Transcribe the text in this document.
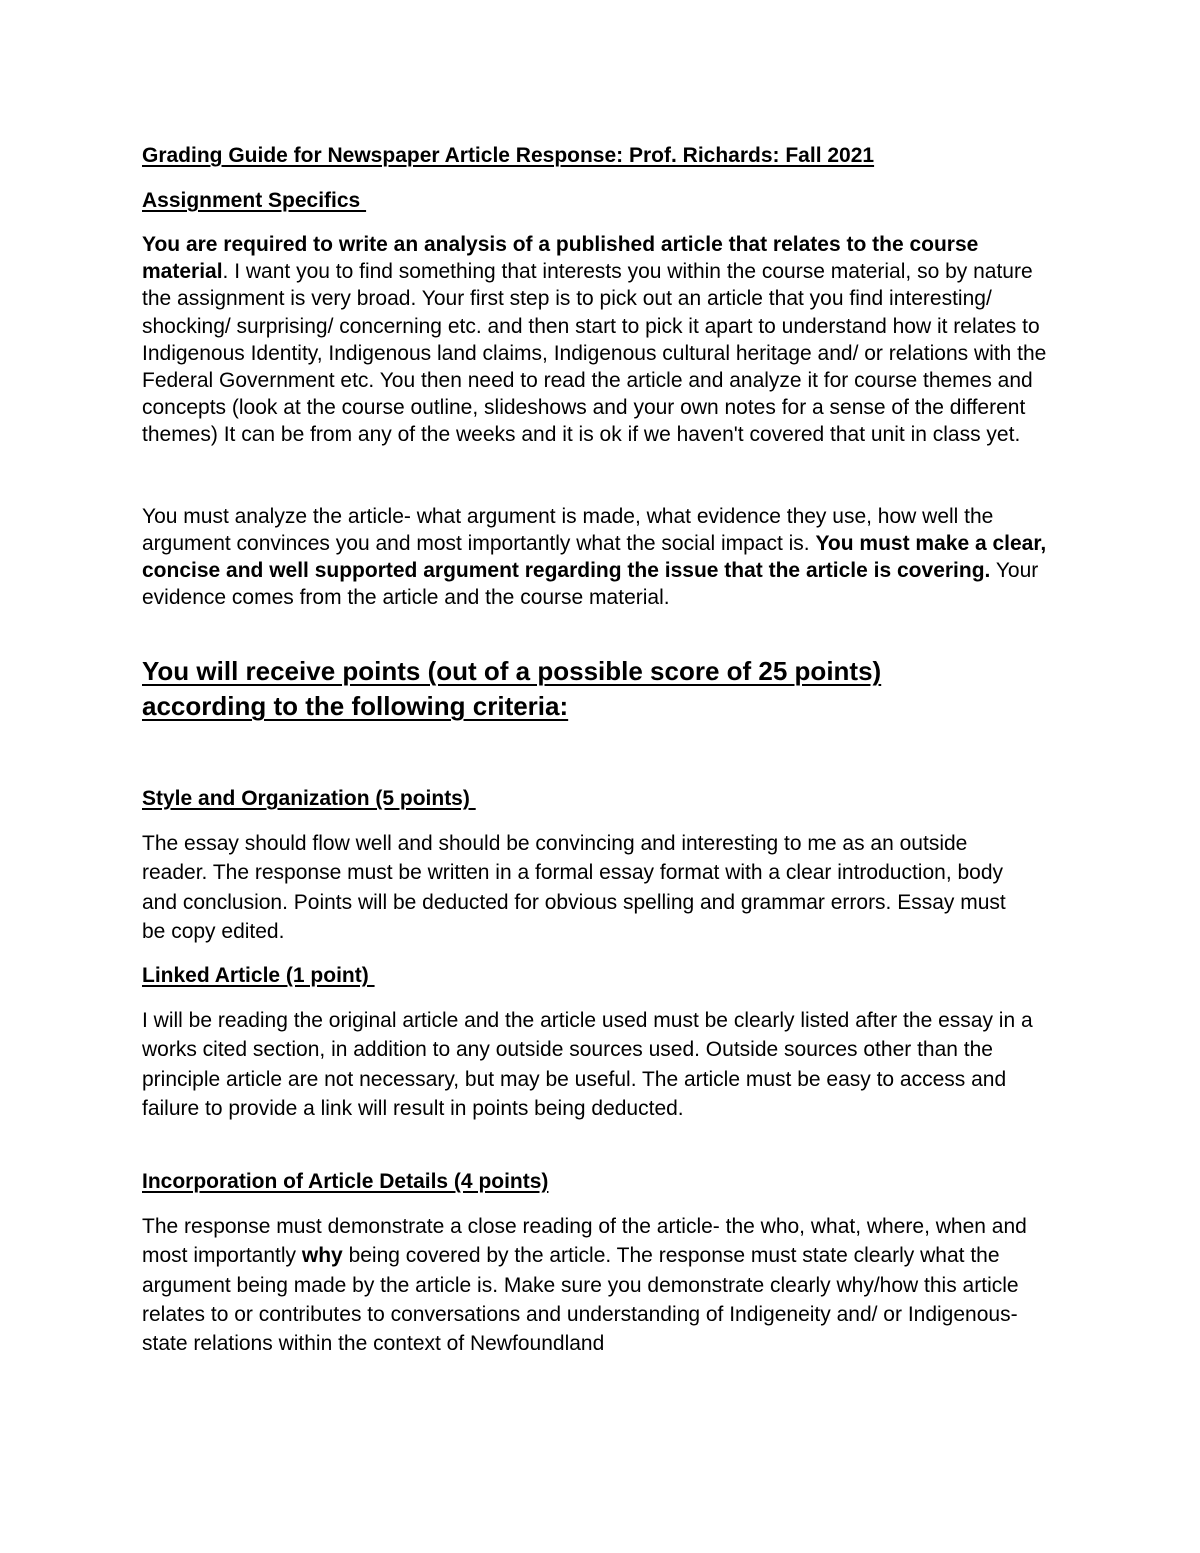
Grading Guide for Newspaper Article Response: Prof. Richards: Fall 2021

Assignment Specifics

You are required to write an analysis of a published article that relates to the course material. I want you to find something that interests you within the course material, so by nature the assignment is very broad. Your first step is to pick out an article that you find interesting/ shocking/ surprising/ concerning etc. and then start to pick it apart to understand how it relates to Indigenous Identity, Indigenous land claims, Indigenous cultural heritage and/ or relations with the Federal Government etc. You then need to read the article and analyze it for course themes and concepts (look at the course outline, slideshows and your own notes for a sense of the different themes) It can be from any of the weeks and it is ok if we haven't covered that unit in class yet.

You must analyze the article- what argument is made, what evidence they use, how well the argument convinces you and most importantly what the social impact is. You must make a clear, concise and well supported argument regarding the issue that the article is covering. Your evidence comes from the article and the course material.

You will receive points (out of a possible score of 25 points) according to the following criteria:

Style and Organization (5 points)

The essay should flow well and should be convincing and interesting to me as an outside reader. The response must be written in a formal essay format with a clear introduction, body and conclusion. Points will be deducted for obvious spelling and grammar errors. Essay must be copy edited.

Linked Article (1 point)

I will be reading the original article and the article used must be clearly listed after the essay in a works cited section, in addition to any outside sources used. Outside sources other than the principle article are not necessary, but may be useful. The article must be easy to access and failure to provide a link will result in points being deducted.

Incorporation of Article Details (4 points)

The response must demonstrate a close reading of the article- the who, what, where, when and most importantly why being covered by the article. The response must state clearly what the argument being made by the article is. Make sure you demonstrate clearly why/how this article relates to or contributes to conversations and understanding of Indigeneity and/ or Indigenous- state relations within the context of Newfoundland
